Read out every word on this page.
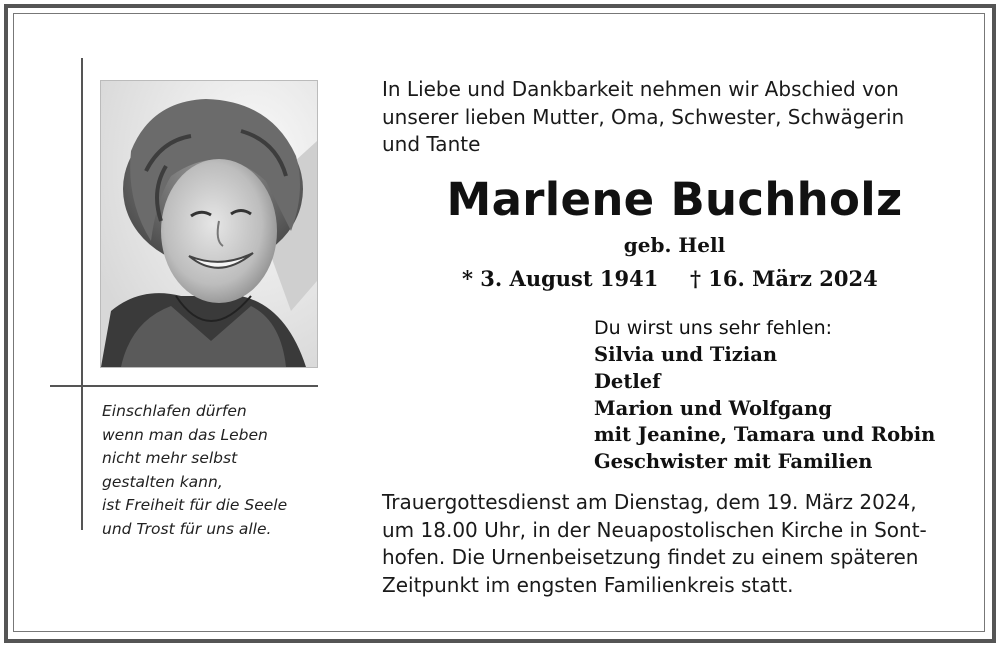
Einschlafen dürfen
wenn man das Leben
nicht mehr selbst
gestalten kann,
ist Freiheit für die Seele
und Trost für uns alle.
In Liebe und Dankbarkeit nehmen wir Abschied von
unserer lieben Mutter, Oma, Schwester, Schwägerin
und Tante
Marlene Buchholz
geb. Hell
* 3. August 1941 † 16. März 2024
Du wirst uns sehr fehlen:
Silvia und Tizian
Detlef
Marion und Wolfgang
mit Jeanine, Tamara und Robin
Geschwister mit Familien
Trauergottesdienst am Dienstag, dem 19. März 2024,
um 18.00 Uhr, in der Neuapostolischen Kirche in Sont-
hofen. Die Urnenbeisetzung findet zu einem späteren
Zeitpunkt im engsten Familienkreis statt.
